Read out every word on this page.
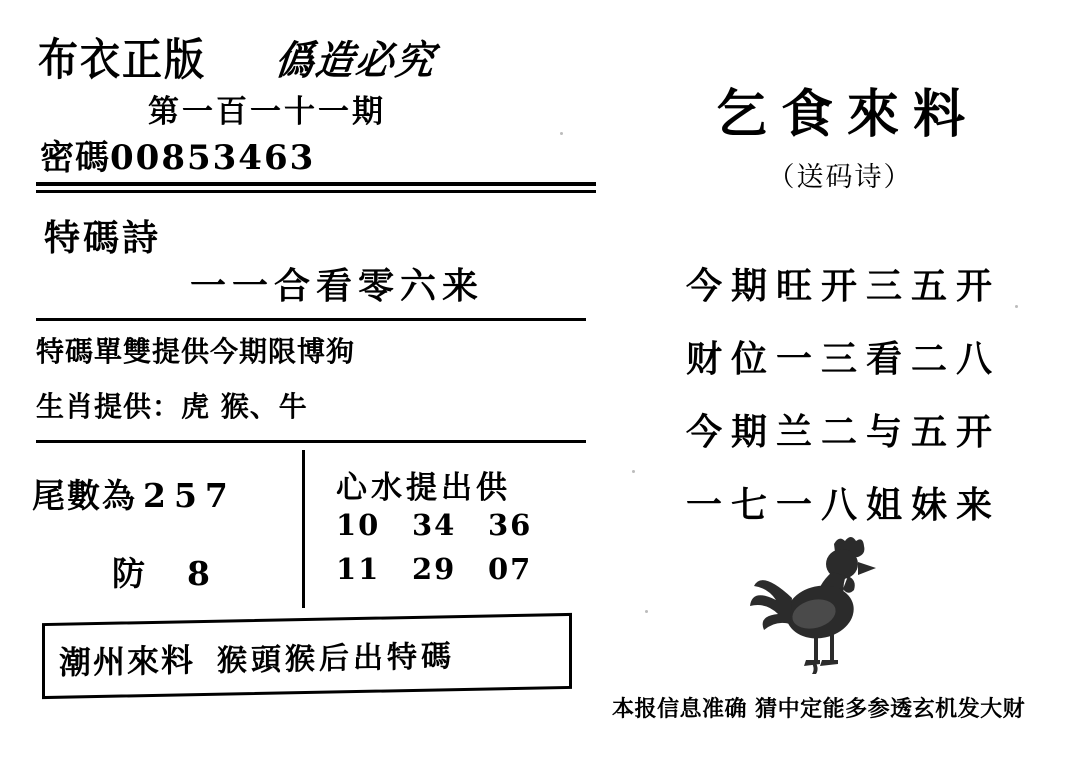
布衣正版 僞造必究
第一百一十一期
密碼00853463
特碼詩
一一合看零六来
特碼單雙提供今期限博狗
生肖提供：虎 猴、牛
尾數為 257
防 8
心水提出供
10 34 36
11 29 07
潮州來料 猴頭猴后出特碼
乞食來料
（送码诗）
今期旺开三五开
财位一三看二八
今期兰二与五开
一七一八姐妹来
本报信息准确 猜中定能多参透玄机发大财
